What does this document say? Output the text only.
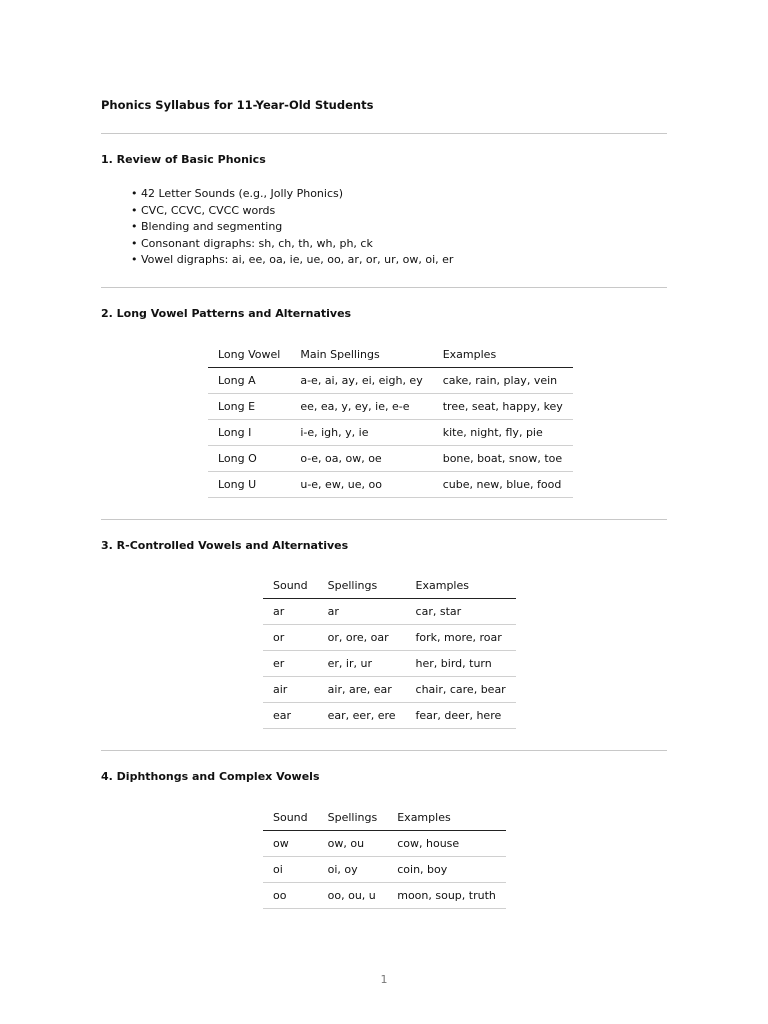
Phonics Syllabus for 11-Year-Old Students
1. Review of Basic Phonics
• 42 Letter Sounds (e.g., Jolly Phonics)
• CVC, CCVC, CVCC words
• Blending and segmenting
• Consonant digraphs: sh, ch, th, wh, ph, ck
• Vowel digraphs: ai, ee, oa, ie, ue, oo, ar, or, ur, ow, oi, er
2. Long Vowel Patterns and Alternatives
Long Vowel	Main Spellings	Examples
Long A	a-e, ai, ay, ei, eigh, ey	cake, rain, play, vein
Long E	ee, ea, y, ey, ie, e-e	tree, seat, happy, key
Long I	i-e, igh, y, ie	kite, night, fly, pie
Long O	o-e, oa, ow, oe	bone, boat, snow, toe
Long U	u-e, ew, ue, oo	cube, new, blue, food
3. R-Controlled Vowels and Alternatives
Sound	Spellings	Examples
ar	ar	car, star
or	or, ore, oar	fork, more, roar
er	er, ir, ur	her, bird, turn
air	air, are, ear	chair, care, bear
ear	ear, eer, ere	fear, deer, here
4. Diphthongs and Complex Vowels
Sound	Spellings	Examples
ow	ow, ou	cow, house
oi	oi, oy	coin, boy
oo	oo, ou, u	moon, soup, truth
1
